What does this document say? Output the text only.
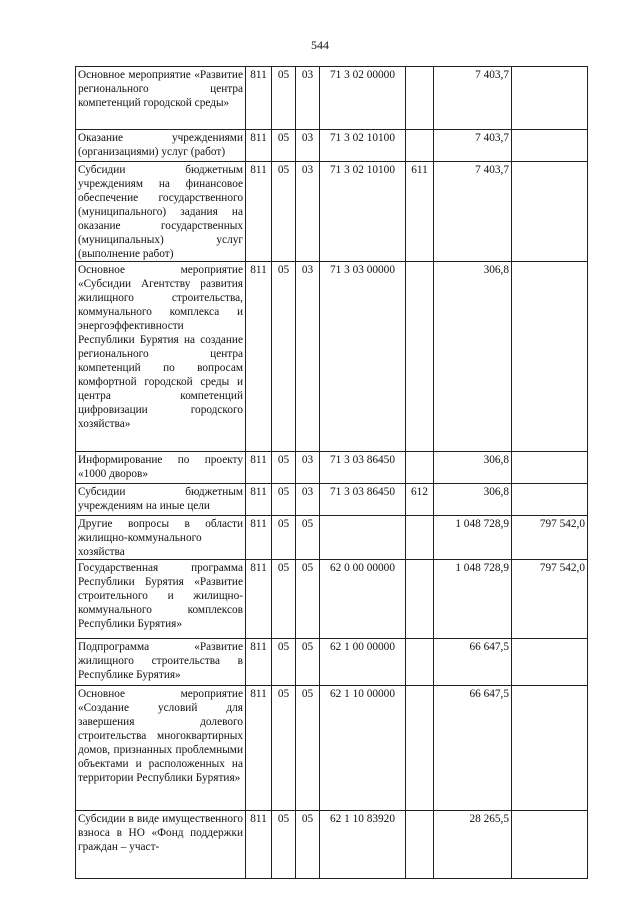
544
Основное мероприятие «Развитие регионального центра компетенций городской среды»	811	05	03	71 3 02 00000		7 403,7	
Оказание учреждениями (организациями) услуг (работ)	811	05	03	71 3 02 10100		7 403,7	
Субсидии бюджетным учреждениям на финансовое обеспечение государственного (муниципального) задания на оказание государственных (муниципальных) услуг (выполнение работ)	811	05	03	71 3 02 10100	611	7 403,7	
Основное мероприятие «Субсидии Агентству развития жилищного строительства, коммунального комплекса и энергоэффективности Республики Бурятия на создание регионального центра компетенций по вопросам комфортной городской среды и центра компетенций цифровизации городского хозяйства»	811	05	03	71 3 03 00000		306,8	
Информирование по проекту «1000 дворов»	811	05	03	71 3 03 86450		306,8	
Субсидии бюджетным учреждениям на иные цели	811	05	03	71 3 03 86450	612	306,8	
Другие вопросы в области жилищно-коммунального хозяйства	811	05	05			1 048 728,9	797 542,0
Государственная программа Республики Бурятия «Развитие строительного и жилищно-коммунального комплексов Республики Бурятия»	811	05	05	62 0 00 00000		1 048 728,9	797 542,0
Подпрограмма «Развитие жилищного строительства в Республике Бурятия»	811	05	05	62 1 00 00000		66 647,5	
Основное мероприятие «Создание условий для завершения долевого строительства многоквартирных домов, признанных проблемными объектами и расположенных на территории Республики Бурятия»	811	05	05	62 1 10 00000		66 647,5	
Субсидии в виде имущественного взноса в НО «Фонд поддержки граждан – участ-	811	05	05	62 1 10 83920		28 265,5	
